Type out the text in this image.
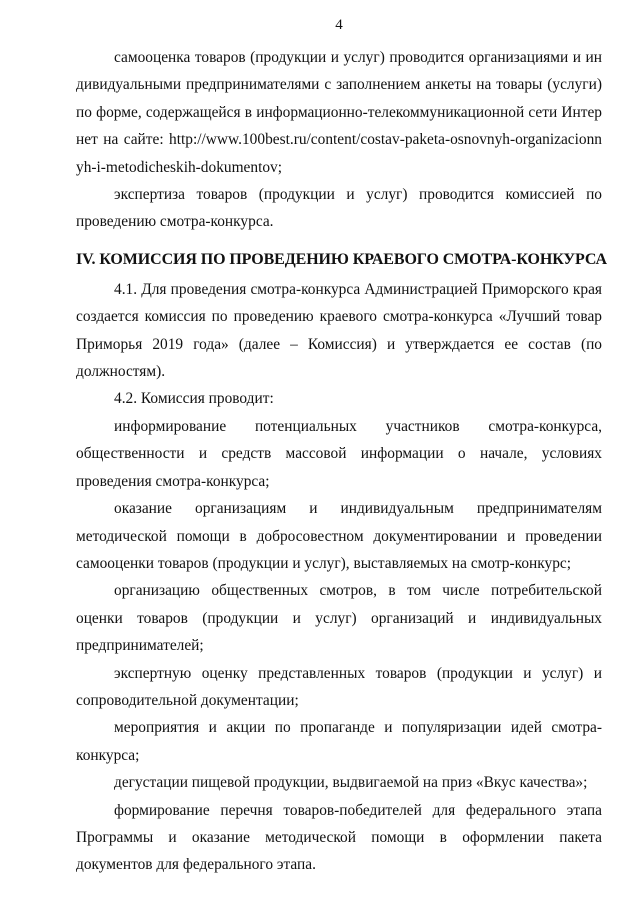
4

самооценка товаров (продукции и услуг) проводится организациями и индивидуальными предпринимателями с заполнением анкеты на товары (услуги) по форме, содержащейся в информационно-телекоммуникационной сети Интернет на сайте: http://www.100best.ru/content/costav-paketa-osnovnyh-organizacionnyh-i-metodicheskih-dokumentov;

экспертиза товаров (продукции и услуг) проводится комиссией по проведению смотра-конкурса.

IV. КОМИССИЯ ПО ПРОВЕДЕНИЮ КРАЕВОГО СМОТРА-КОНКУРСА

4.1. Для проведения смотра-конкурса Администрацией Приморского края создается комиссия по проведению краевого смотра-конкурса «Лучший товар Приморья 2019 года» (далее – Комиссия) и утверждается ее состав (по должностям).

4.2. Комиссия проводит:

информирование потенциальных участников смотра-конкурса, общественности и средств массовой информации о начале, условиях проведения смотра-конкурса;

оказание организациям и индивидуальным предпринимателям методической помощи в добросовестном документировании и проведении самооценки товаров (продукции и услуг), выставляемых на смотр-конкурс;

организацию общественных смотров, в том числе потребительской оценки товаров (продукции и услуг) организаций и индивидуальных предпринимателей;

экспертную оценку представленных товаров (продукции и услуг) и сопроводительной документации;

мероприятия и акции по пропаганде и популяризации идей смотра-конкурса;

дегустации пищевой продукции, выдвигаемой на приз «Вкус качества»;

формирование перечня товаров-победителей для федерального этапа Программы и оказание методической помощи в оформлении пакета документов для федерального этапа.
